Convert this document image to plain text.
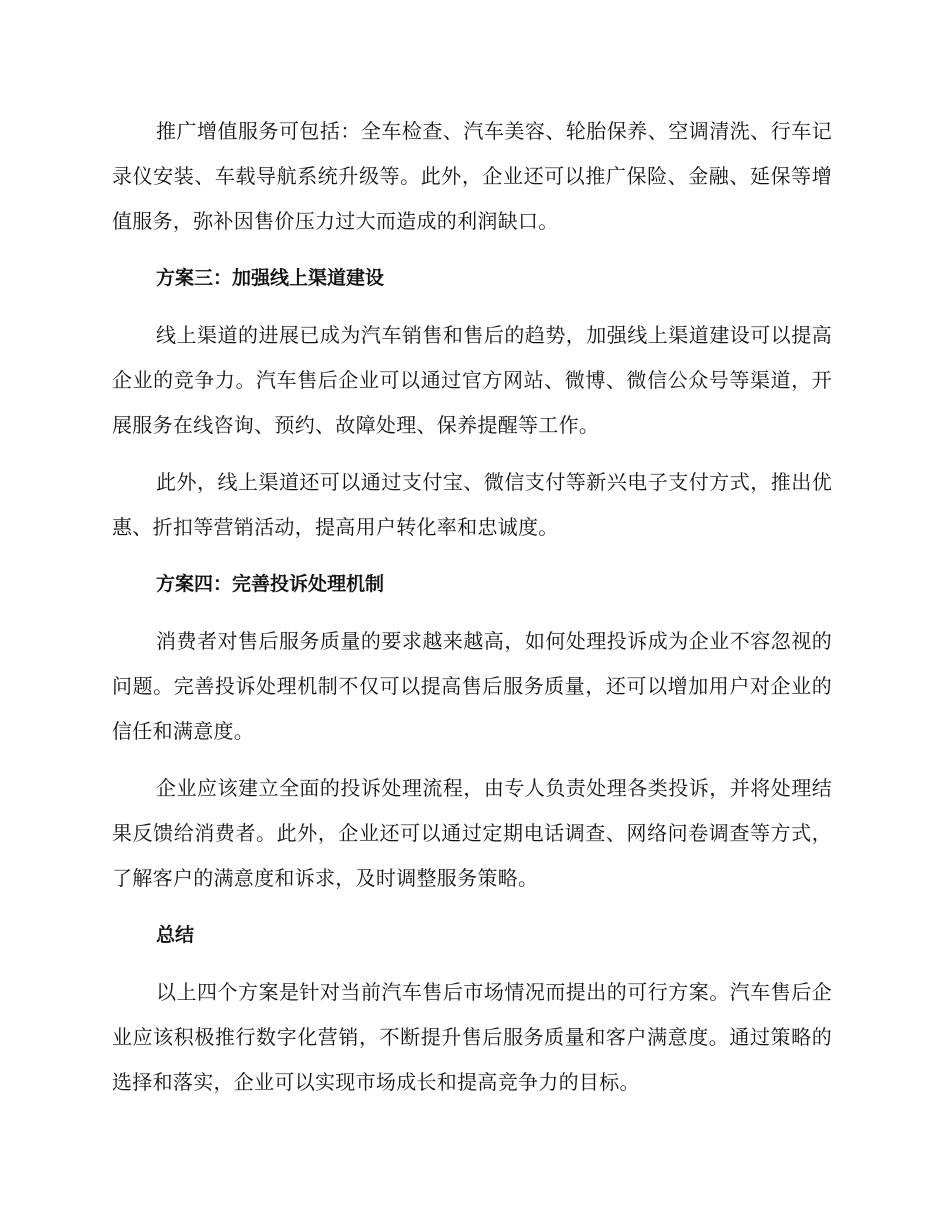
推广增值服务可包括：全车检查、汽车美容、轮胎保养、空调清洗、行车记录仪安装、车载导航系统升级等。此外，企业还可以推广保险、金融、延保等增值服务，弥补因售价压力过大而造成的利润缺口。

方案三：加强线上渠道建设

线上渠道的进展已成为汽车销售和售后的趋势，加强线上渠道建设可以提高企业的竞争力。汽车售后企业可以通过官方网站、微博、微信公众号等渠道，开展服务在线咨询、预约、故障处理、保养提醒等工作。

此外，线上渠道还可以通过支付宝、微信支付等新兴电子支付方式，推出优惠、折扣等营销活动，提高用户转化率和忠诚度。

方案四：完善投诉处理机制

消费者对售后服务质量的要求越来越高，如何处理投诉成为企业不容忽视的问题。完善投诉处理机制不仅可以提高售后服务质量，还可以增加用户对企业的信任和满意度。

企业应该建立全面的投诉处理流程，由专人负责处理各类投诉，并将处理结果反馈给消费者。此外，企业还可以通过定期电话调查、网络问卷调查等方式，了解客户的满意度和诉求，及时调整服务策略。

总结

以上四个方案是针对当前汽车售后市场情况而提出的可行方案。汽车售后企业应该积极推行数字化营销，不断提升售后服务质量和客户满意度。通过策略的选择和落实，企业可以实现市场成长和提高竞争力的目标。
